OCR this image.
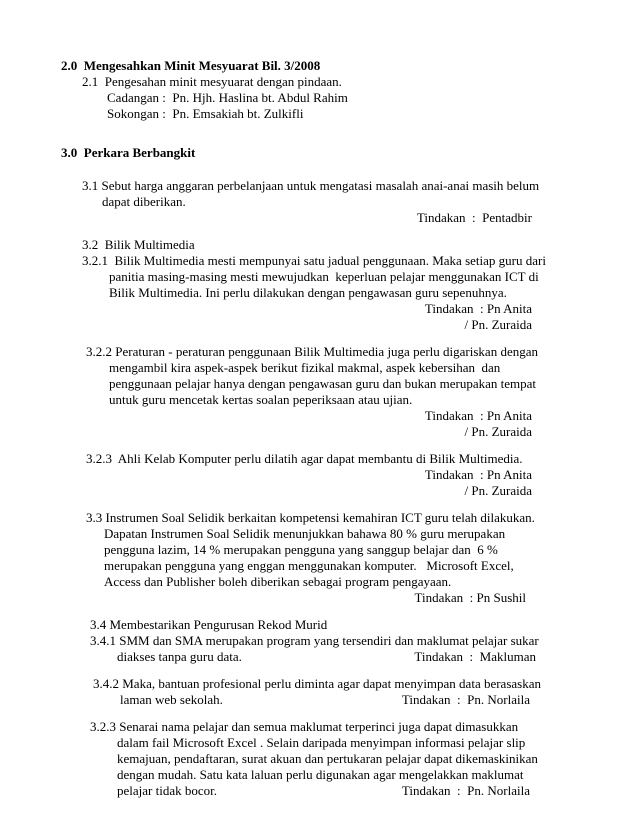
2.0  Mengesahkan Minit Mesyuarat Bil. 3/2008
2.1  Pengesahan minit mesyuarat dengan pindaan.
Cadangan :  Pn. Hjh. Haslina bt. Abdul Rahim
Sokongan :  Pn. Emsakiah bt. Zulkifli
3.0  Perkara Berbangkit
3.1 Sebut harga anggaran perbelanjaan untuk mengatasi masalah anai-anai masih belum
dapat diberikan.
Tindakan  :  Pentadbir
3.2  Bilik Multimedia
3.2.1  Bilik Multimedia mesti mempunyai satu jadual penggunaan. Maka setiap guru dari
panitia masing-masing mesti mewujudkan  keperluan pelajar menggunakan ICT di
Bilik Multimedia. Ini perlu dilakukan dengan pengawasan guru sepenuhnya.
Tindakan  : Pn Anita
/ Pn. Zuraida
3.2.2 Peraturan - peraturan penggunaan Bilik Multimedia juga perlu digariskan dengan
mengambil kira aspek-aspek berikut fizikal makmal, aspek kebersihan  dan
penggunaan pelajar hanya dengan pengawasan guru dan bukan merupakan tempat
untuk guru mencetak kertas soalan peperiksaan atau ujian.
Tindakan  : Pn Anita
/ Pn. Zuraida
3.2.3  Ahli Kelab Komputer perlu dilatih agar dapat membantu di Bilik Multimedia.
Tindakan  : Pn Anita
/ Pn. Zuraida
3.3 Instrumen Soal Selidik berkaitan kompetensi kemahiran ICT guru telah dilakukan.
Dapatan Instrumen Soal Selidik menunjukkan bahawa 80 % guru merupakan
pengguna lazim, 14 % merupakan pengguna yang sanggup belajar dan  6 %
merupakan pengguna yang enggan menggunakan komputer.   Microsoft Excel,
Access dan Publisher boleh diberikan sebagai program pengayaan.
Tindakan  : Pn Sushil
3.4 Membestarikan Pengurusan Rekod Murid
3.4.1 SMM dan SMA merupakan program yang tersendiri dan maklumat pelajar sukar
diakses tanpa guru data.	Tindakan  :  Makluman
3.4.2 Maka, bantuan profesional perlu diminta agar dapat menyimpan data berasaskan
laman web sekolah.	Tindakan  :  Pn. Norlaila
3.2.3 Senarai nama pelajar dan semua maklumat terperinci juga dapat dimasukkan
dalam fail Microsoft Excel . Selain daripada menyimpan informasi pelajar slip
kemajuan, pendaftaran, surat akuan dan pertukaran pelajar dapat dikemaskinikan
dengan mudah. Satu kata laluan perlu digunakan agar mengelakkan maklumat
pelajar tidak bocor.	Tindakan  :  Pn. Norlaila
